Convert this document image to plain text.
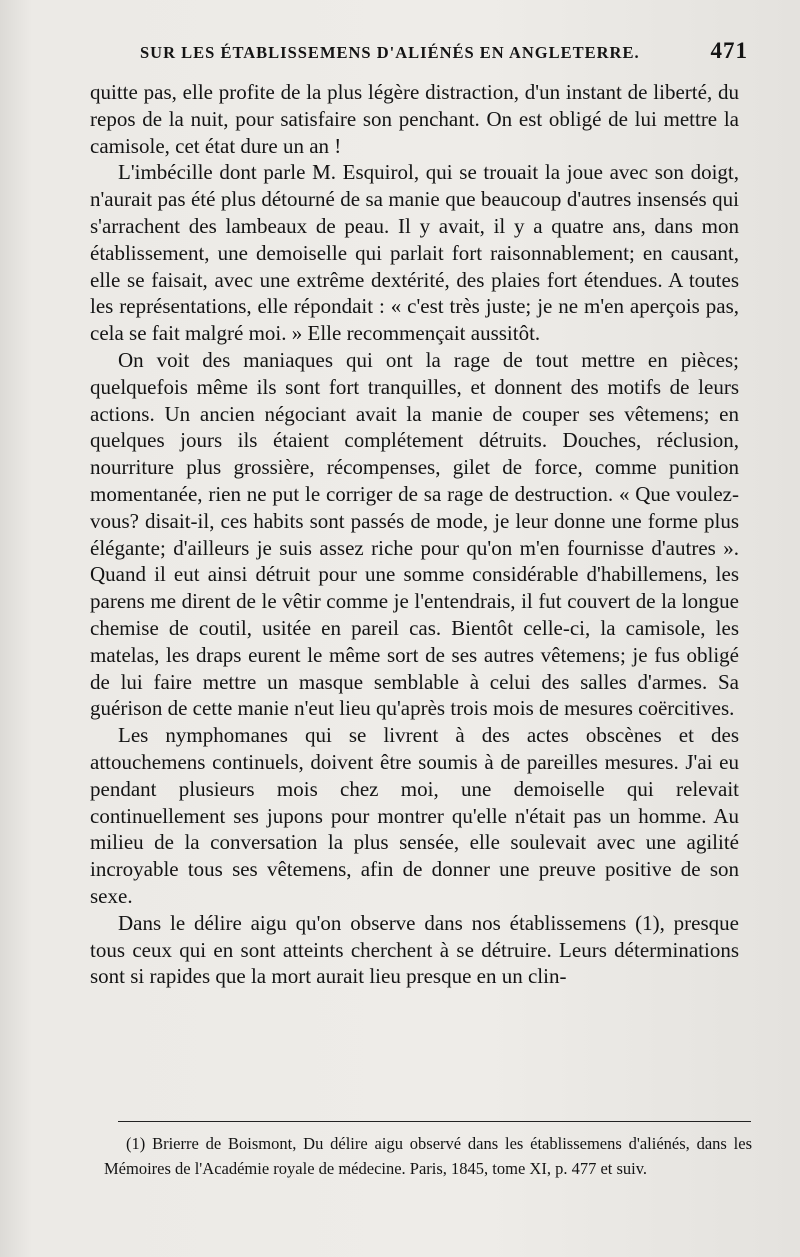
SUR LES ÉTABLISSEMENS D'ALIÉNÉS EN ANGLETERRE.	471

quitte pas, elle profite de la plus légère distraction, d'un instant de liberté, du repos de la nuit, pour satisfaire son penchant. On est obligé de lui mettre la camisole, cet état dure un an !

L'imbécille dont parle M. Esquirol, qui se trouait la joue avec son doigt, n'aurait pas été plus détourné de sa manie que beaucoup d'autres insensés qui s'arrachent des lambeaux de peau. Il y avait, il y a quatre ans, dans mon établissement, une demoiselle qui parlait fort raisonnablement; en causant, elle se faisait, avec une extrême dextérité, des plaies fort étendues. A toutes les représentations, elle répondait : « c'est très juste; je ne m'en aperçois pas, cela se fait malgré moi. » Elle recommençait aussitôt.

On voit des maniaques qui ont la rage de tout mettre en pièces; quelquefois même ils sont fort tranquilles, et donnent des motifs de leurs actions. Un ancien négociant avait la manie de couper ses vêtemens; en quelques jours ils étaient complétement détruits. Douches, réclusion, nourriture plus grossière, récompenses, gilet de force, comme punition momentanée, rien ne put le corriger de sa rage de destruction. « Que voulez-vous? disait-il, ces habits sont passés de mode, je leur donne une forme plus élégante; d'ailleurs je suis assez riche pour qu'on m'en fournisse d'autres ». Quand il eut ainsi détruit pour une somme considérable d'habillemens, les parens me dirent de le vêtir comme je l'entendrais, il fut couvert de la longue chemise de coutil, usitée en pareil cas. Bientôt celle-ci, la camisole, les matelas, les draps eurent le même sort de ses autres vêtemens; je fus obligé de lui faire mettre un masque semblable à celui des salles d'armes. Sa guérison de cette manie n'eut lieu qu'après trois mois de mesures coërcitives.

Les nymphomanes qui se livrent à des actes obscènes et des attouchemens continuels, doivent être soumis à de pareilles mesures. J'ai eu pendant plusieurs mois chez moi, une demoiselle qui relevait continuellement ses jupons pour montrer qu'elle n'était pas un homme. Au milieu de la conversation la plus sensée, elle soulevait avec une agilité incroyable tous ses vêtemens, afin de donner une preuve positive de son sexe.

Dans le délire aigu qu'on observe dans nos établissemens (1), presque tous ceux qui en sont atteints cherchent à se détruire. Leurs déterminations sont si rapides que la mort aurait lieu presque en un clin-

(1) Brierre de Boismont, Du délire aigu observé dans les établissemens d'aliénés, dans les Mémoires de l'Académie royale de médecine. Paris, 1845, tome XI, p. 477 et suiv.
